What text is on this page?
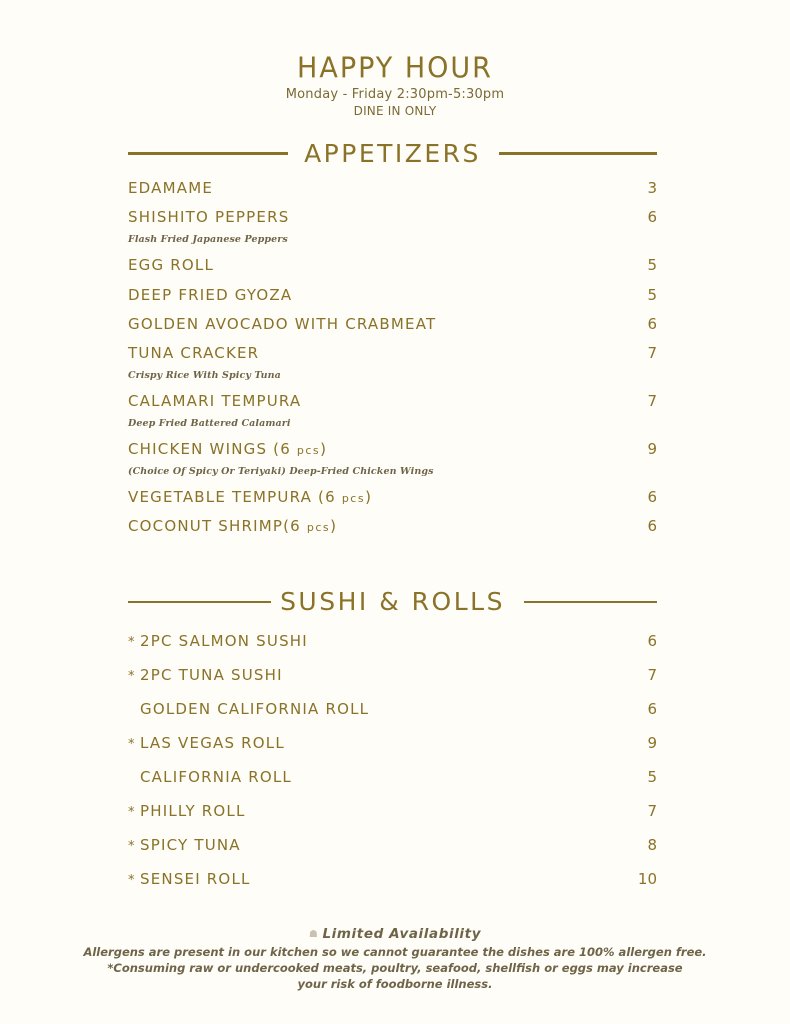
HAPPY HOUR
Monday - Friday 2:30pm-5:30pm
DINE IN ONLY
APPETIZERS
EDAMAME	3
SHISHITO PEPPERS	6
Flash Fried Japanese Peppers
EGG ROLL	5
DEEP FRIED GYOZA	5
GOLDEN AVOCADO WITH CRABMEAT	6
TUNA CRACKER	7
Crispy Rice With Spicy Tuna
CALAMARI TEMPURA	7
Deep Fried Battered Calamari
CHICKEN WINGS (6 pcs)	9
(Choice Of Spicy Or Teriyaki) Deep-Fried Chicken Wings
VEGETABLE TEMPURA (6 pcs)	6
COCONUT SHRIMP(6 pcs)	6
SUSHI & ROLLS
* 2PC SALMON SUSHI	6
* 2PC TUNA SUSHI	7
GOLDEN CALIFORNIA ROLL	6
* LAS VEGAS ROLL	9
CALIFORNIA ROLL	5
* PHILLY ROLL	7
* SPICY TUNA	8
* SENSEI ROLL	10
☗ Limited Availability
Allergens are present in our kitchen so we cannot guarantee the dishes are 100% allergen free.
*Consuming raw or undercooked meats, poultry, seafood, shellfish or eggs may increase
your risk of foodborne illness.
